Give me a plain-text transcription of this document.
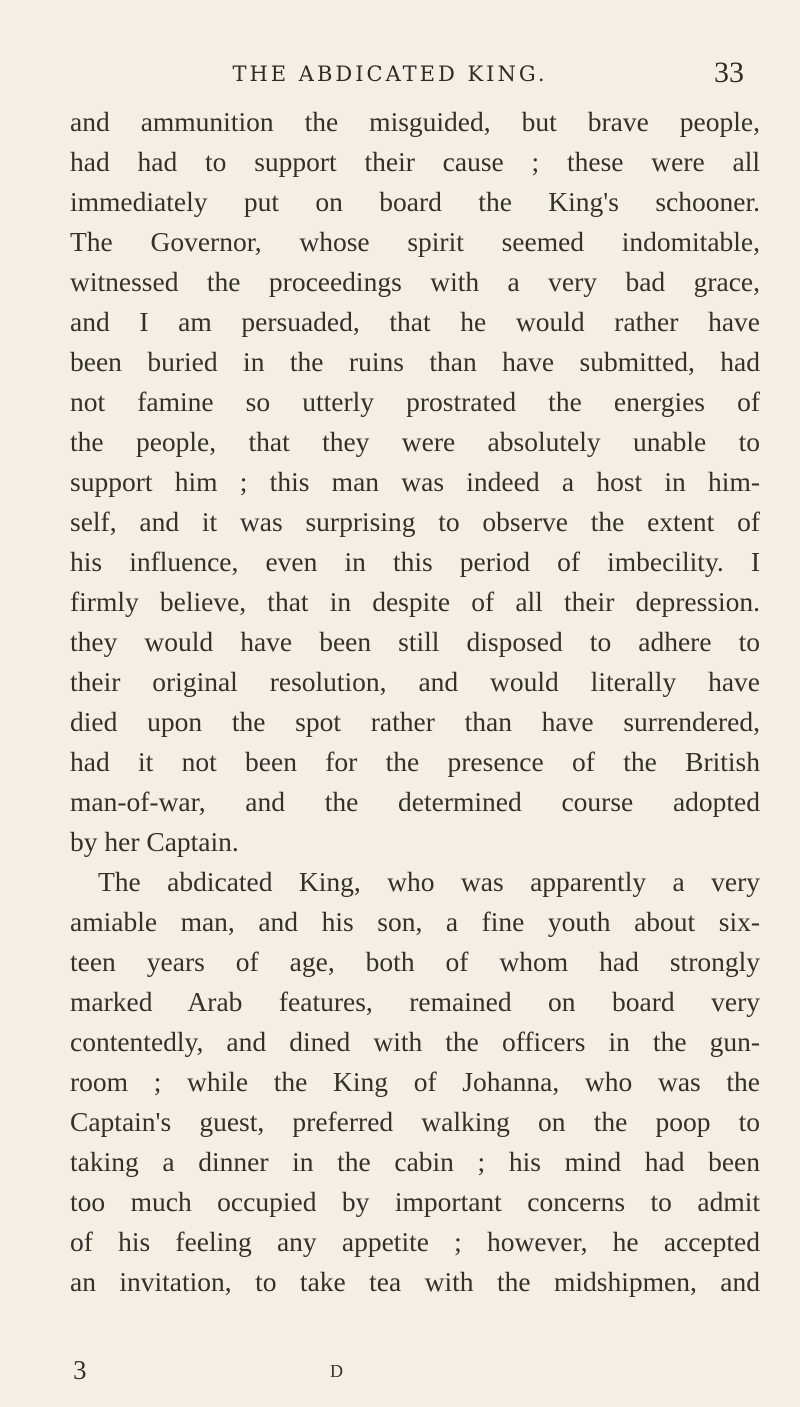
THE ABDICATED KING.	33
and ammunition the misguided, but brave people,
had had to support their cause ; these were all
immediately put on board the King's schooner.
The Governor, whose spirit seemed indomitable,
witnessed the proceedings with a very bad grace,
and I am persuaded, that he would rather have
been buried in the ruins than have submitted, had
not famine so utterly prostrated the energies of
the people, that they were absolutely unable to
support him ; this man was indeed a host in him-
self, and it was surprising to observe the extent of
his influence, even in this period of imbecility. I
firmly believe, that in despite of all their depression.
they would have been still disposed to adhere to
their original resolution, and would literally have
died upon the spot rather than have surrendered,
had it not been for the presence of the British
man-of-war, and the determined course adopted
by her Captain.
The abdicated King, who was apparently a very
amiable man, and his son, a fine youth about six-
teen years of age, both of whom had strongly
marked Arab features, remained on board very
contentedly, and dined with the officers in the gun-
room ; while the King of Johanna, who was the
Captain's guest, preferred walking on the poop to
taking a dinner in the cabin ; his mind had been
too much occupied by important concerns to admit
of his feeling any appetite ; however, he accepted
an invitation, to take tea with the midshipmen, and
3	D
